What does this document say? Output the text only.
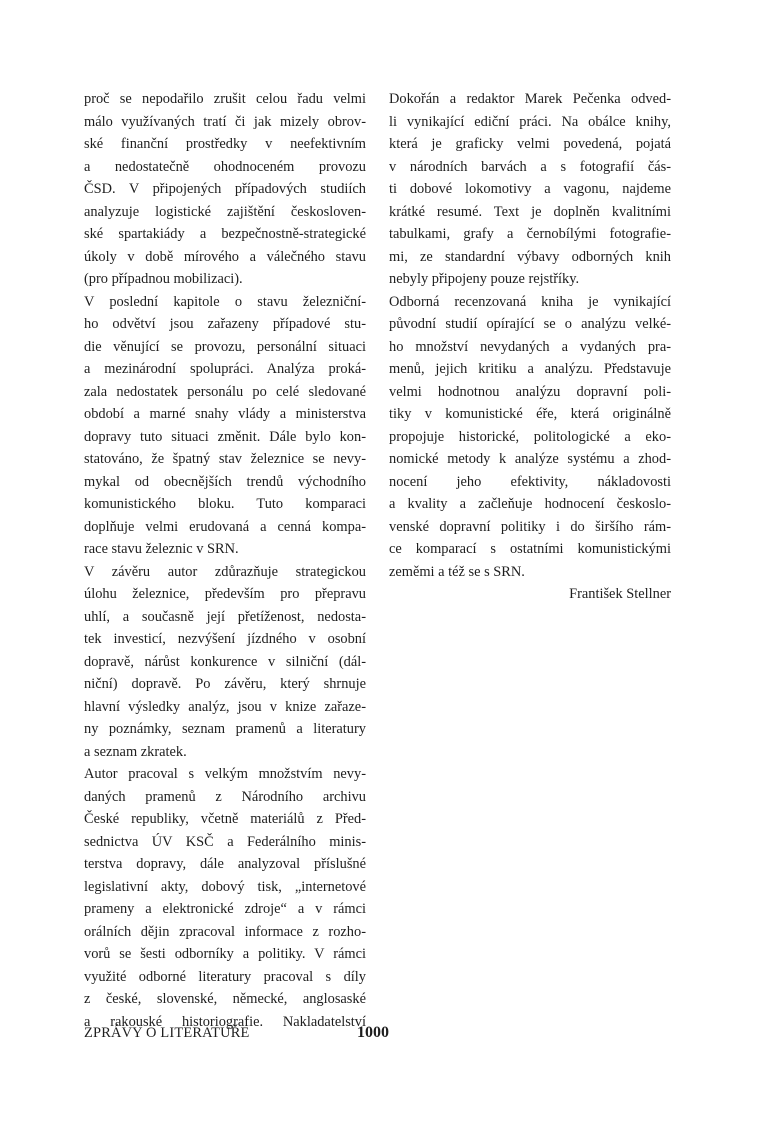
proč se nepodařilo zrušit celou řadu velmi
málo využívaných tratí či jak mizely obrov-
ské finanční prostředky v neefektivním
a nedostatečně ohodnoceném provozu
ČSD. V připojených případových studiích
analyzuje logistické zajištění českosloven-
ské spartakiády a bezpečnostně-strategické
úkoly v době mírového a válečného stavu
(pro případnou mobilizaci).
V poslední kapitole o stavu železniční-
ho odvětví jsou zařazeny případové stu-
die věnující se provozu, personální situaci
a mezinárodní spolupráci. Analýza proká-
zala nedostatek personálu po celé sledované
období a marné snahy vlády a ministerstva
dopravy tuto situaci změnit. Dále bylo kon-
statováno, že špatný stav železnice se nevy-
mykal od obecnějších trendů východního
komunistického bloku. Tuto komparaci
doplňuje velmi erudovaná a cenná kompa-
race stavu železnic v SRN.
V závěru autor zdůrazňuje strategickou
úlohu železnice, především pro přepravu
uhlí, a současně její přetíženost, nedosta-
tek investicí, nezvýšení jízdného v osobní
dopravě, nárůst konkurence v silniční (dál-
niční) dopravě. Po závěru, který shrnuje
hlavní výsledky analýz, jsou v knize zařaze-
ny poznámky, seznam pramenů a literatury
a seznam zkratek.
Autor pracoval s velkým množstvím nevy-
daných pramenů z Národního archivu
České republiky, včetně materiálů z Před-
sednictva ÚV KSČ a Federálního minis-
terstva dopravy, dále analyzoval příslušné
legislativní akty, dobový tisk, „internetové
prameny a elektronické zdroje“ a v rámci
orálních dějin zpracoval informace z rozho-
vorů se šesti odborníky a politiky. V rámci
využité odborné literatury pracoval s díly
z české, slovenské, německé, anglosaské
a rakouské historiografie. Nakladatelství
Dokořán a redaktor Marek Pečenka odved-
li vynikající ediční práci. Na obálce knihy,
která je graficky velmi povedená, pojatá
v národních barvách a s fotografií čás-
ti dobové lokomotivy a vagonu, najdeme
krátké resumé. Text je doplněn kvalitními
tabulkami, grafy a černobílými fotografie-
mi, ze standardní výbavy odborných knih
nebyly připojeny pouze rejstříky.
Odborná recenzovaná kniha je vynikající
původní studií opírající se o analýzu velké-
ho množství nevydaných a vydaných pra-
menů, jejich kritiku a analýzu. Představuje
velmi hodnotnou analýzu dopravní poli-
tiky v komunistické éře, která originálně
propojuje historické, politologické a eko-
nomické metody k analýze systému a zhod-
nocení jeho efektivity, nákladovosti
a kvality a začleňuje hodnocení českoslo-
venské dopravní politiky i do širšího rám-
ce komparací s ostatními komunistickými
zeměmi a též se s SRN.
František Stellner
ZPRÁVY O LITERATUŘE	1000
